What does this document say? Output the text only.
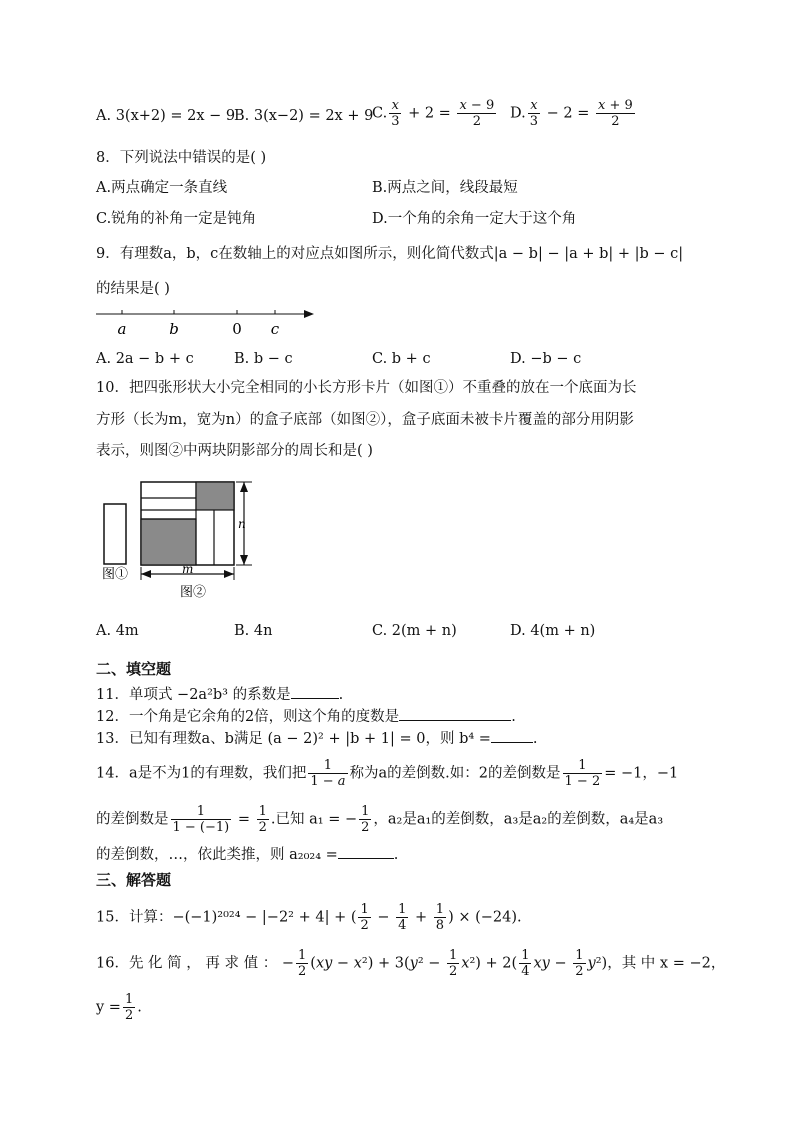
A. 3(x+2) = 2x − 9
B. 3(x−2) = 2x + 9
C. $\frac{x}{3} + 2 = \frac{x - 9}{2} D$. $\frac{x}{3} - 2 = \frac{x + 9}{2}$
8．下列说法中错误的是( )
A.两点确定一条直线	B.两点之间，线段最短
C.锐角的补角一定是钝角	D.一个角的余角一定大于这个角
9．有理数a，b，c在数轴上的对应点如图所示，则化简代数式|a − b| − |a + b| + |b − c|
的结果是( )
a	b	0 c
A. 2a − b + c	B. b − c	C. b + c	D. −b − c
10．把四张形状大小完全相同的小长方形卡片（如图①）不重叠的放在一个底面为长
方形（长为m，宽为n）的盒子底部（如图②），盒子底面未被卡片覆盖的部分用阴影
表示，则图②中两块阴影部分的周长和是( )
图①
n
m
图②
A. 4m	B. 4n	C. 2(m + n)	D. 4(m + n)
二、填空题
11．单项式 −2a²b³ 的系数是	.
12．一个角是它余角的2倍，则这个角的度数是	.
13．已知有理数a、b满足 (a − 2)² + |b + 1| = 0，则 b⁴ =	.
14．a是不为1的有理数，我们把 $\frac{1}{1 - a}$ 称为a的差倒数.如：2的差倒数是 $\frac{1}{1 - 2} = -1$，−1
的差倒数是 $\frac{1}{1 - (-1)} = \frac{1}{2}$ .已知 a₁ = − $\frac{1}{2}$ ，a₂是a₁的差倒数，a₃是a₂的差倒数，a₄是a₃
的差倒数，…，依此类推，则 a₂₀₂₄ =	.
三、解答题
15．计算：−(−1)²⁰²⁴ − |−2² + 4| + ( $\frac{1}{2} - \frac{1}{4} + \frac{1}{8}$ ) × (−24).
16．先 化 简 ， 再 求 值 ： − $\frac{1}{2} (xy - x^2) + 3(y^2 - \frac{1}{2} x^2) + 2( \frac{1}{4}$ xy − $\frac{1}{2} y^2$)，其 中 x = −2，
$y = \frac{1}{2}$ .
